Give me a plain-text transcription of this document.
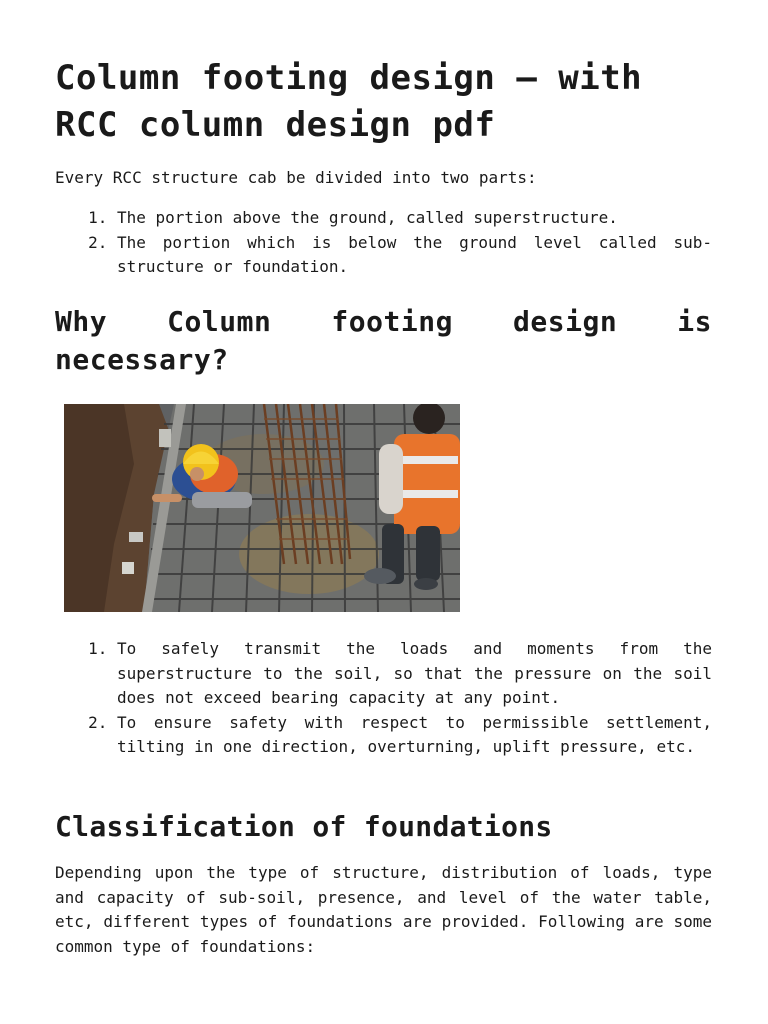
Column footing design – with RCC column design pdf

Every RCC structure cab be divided into two parts:

1. The portion above the ground, called superstructure.
2. The portion which is below the ground level called sub-structure or foundation.
Why Column footing design is necessary?
1. To safely transmit the loads and moments from the superstructure to the soil, so that the pressure on the soil does not exceed bearing capacity at any point.
2. To ensure safety with respect to permissible settlement, tilting in one direction, overturning, uplift pressure, etc.
Classification of foundations

Depending upon the type of structure, distribution of loads, type and capacity of sub-soil, presence, and level of the water table, etc, different types of foundations are provided. Following are some common type of foundations:
